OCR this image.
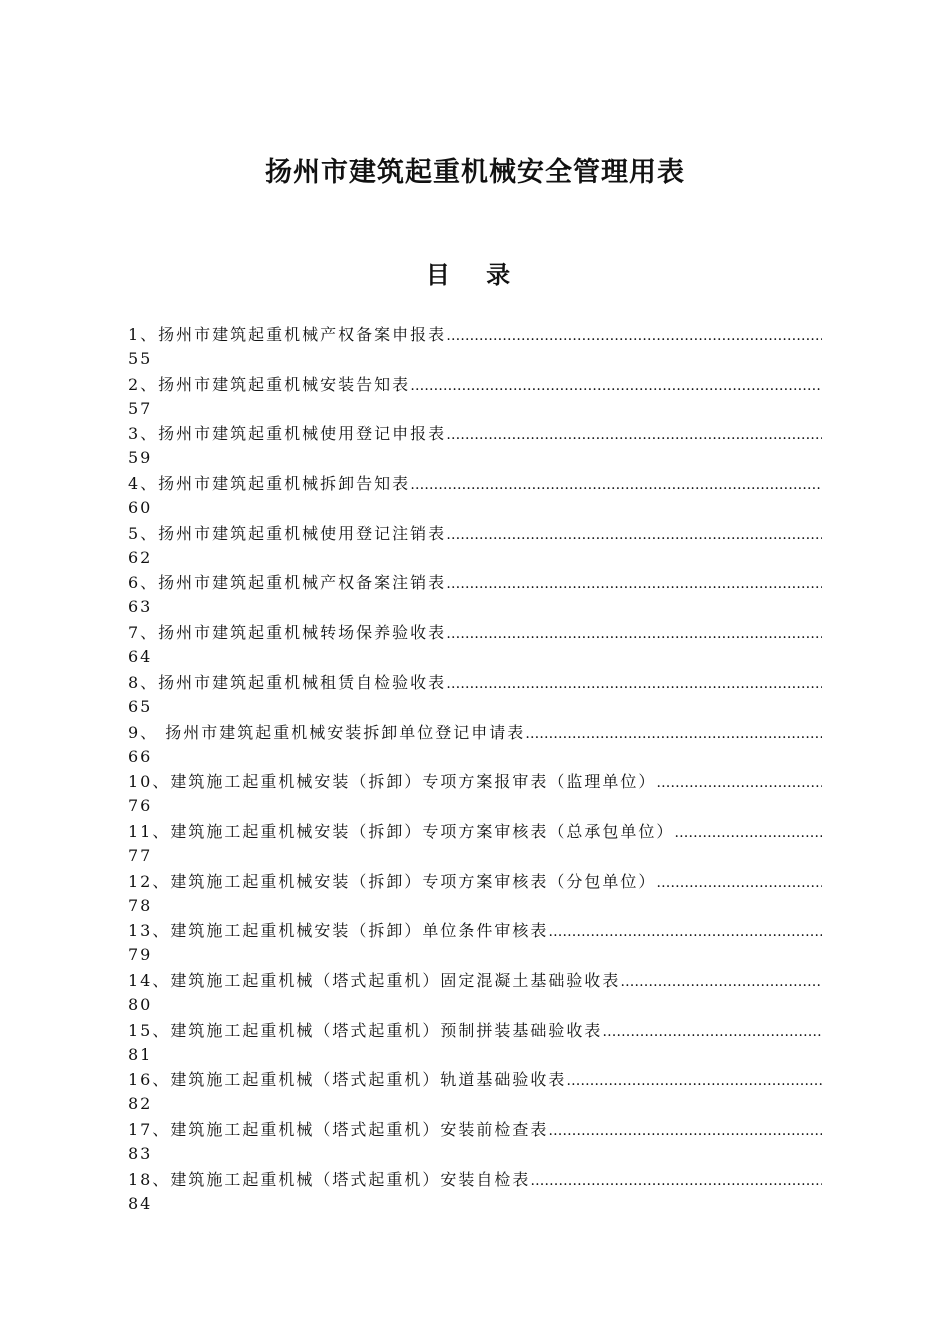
扬州市建筑起重机械安全管理用表
目 录
1、扬州市建筑起重机械产权备案申报表
…………………………………………………………………………………………………………………………………
55
2、扬州市建筑起重机械安装告知表
…………………………………………………………………………………………………………………………………
57
3、扬州市建筑起重机械使用登记申报表
…………………………………………………………………………………………………………………………………
59
4、扬州市建筑起重机械拆卸告知表
…………………………………………………………………………………………………………………………………
60
5、扬州市建筑起重机械使用登记注销表
…………………………………………………………………………………………………………………………………
62
6、扬州市建筑起重机械产权备案注销表
…………………………………………………………………………………………………………………………………
63
7、扬州市建筑起重机械转场保养验收表
…………………………………………………………………………………………………………………………………
64
8、扬州市建筑起重机械租赁自检验收表
…………………………………………………………………………………………………………………………………
65
9、 扬州市建筑起重机械安装拆卸单位登记申请表
…………………………………………………………………………………………………………………………………
66
10、建筑施工起重机械安装（拆卸）专项方案报审表（监理单位）
…………………………………………………………………………………………………………………………………
76
11、建筑施工起重机械安装（拆卸）专项方案审核表（总承包单位）
…………………………………………………………………………………………………………………………………
77
12、建筑施工起重机械安装（拆卸）专项方案审核表（分包单位）
…………………………………………………………………………………………………………………………………
78
13、建筑施工起重机械安装（拆卸）单位条件审核表
…………………………………………………………………………………………………………………………………
79
14、建筑施工起重机械（塔式起重机）固定混凝土基础验收表
…………………………………………………………………………………………………………………………………
80
15、建筑施工起重机械（塔式起重机）预制拼装基础验收表
…………………………………………………………………………………………………………………………………
81
16、建筑施工起重机械（塔式起重机）轨道基础验收表
…………………………………………………………………………………………………………………………………
82
17、建筑施工起重机械（塔式起重机）安装前检查表
…………………………………………………………………………………………………………………………………
83
18、建筑施工起重机械（塔式起重机）安装自检表
…………………………………………………………………………………………………………………………………
84
